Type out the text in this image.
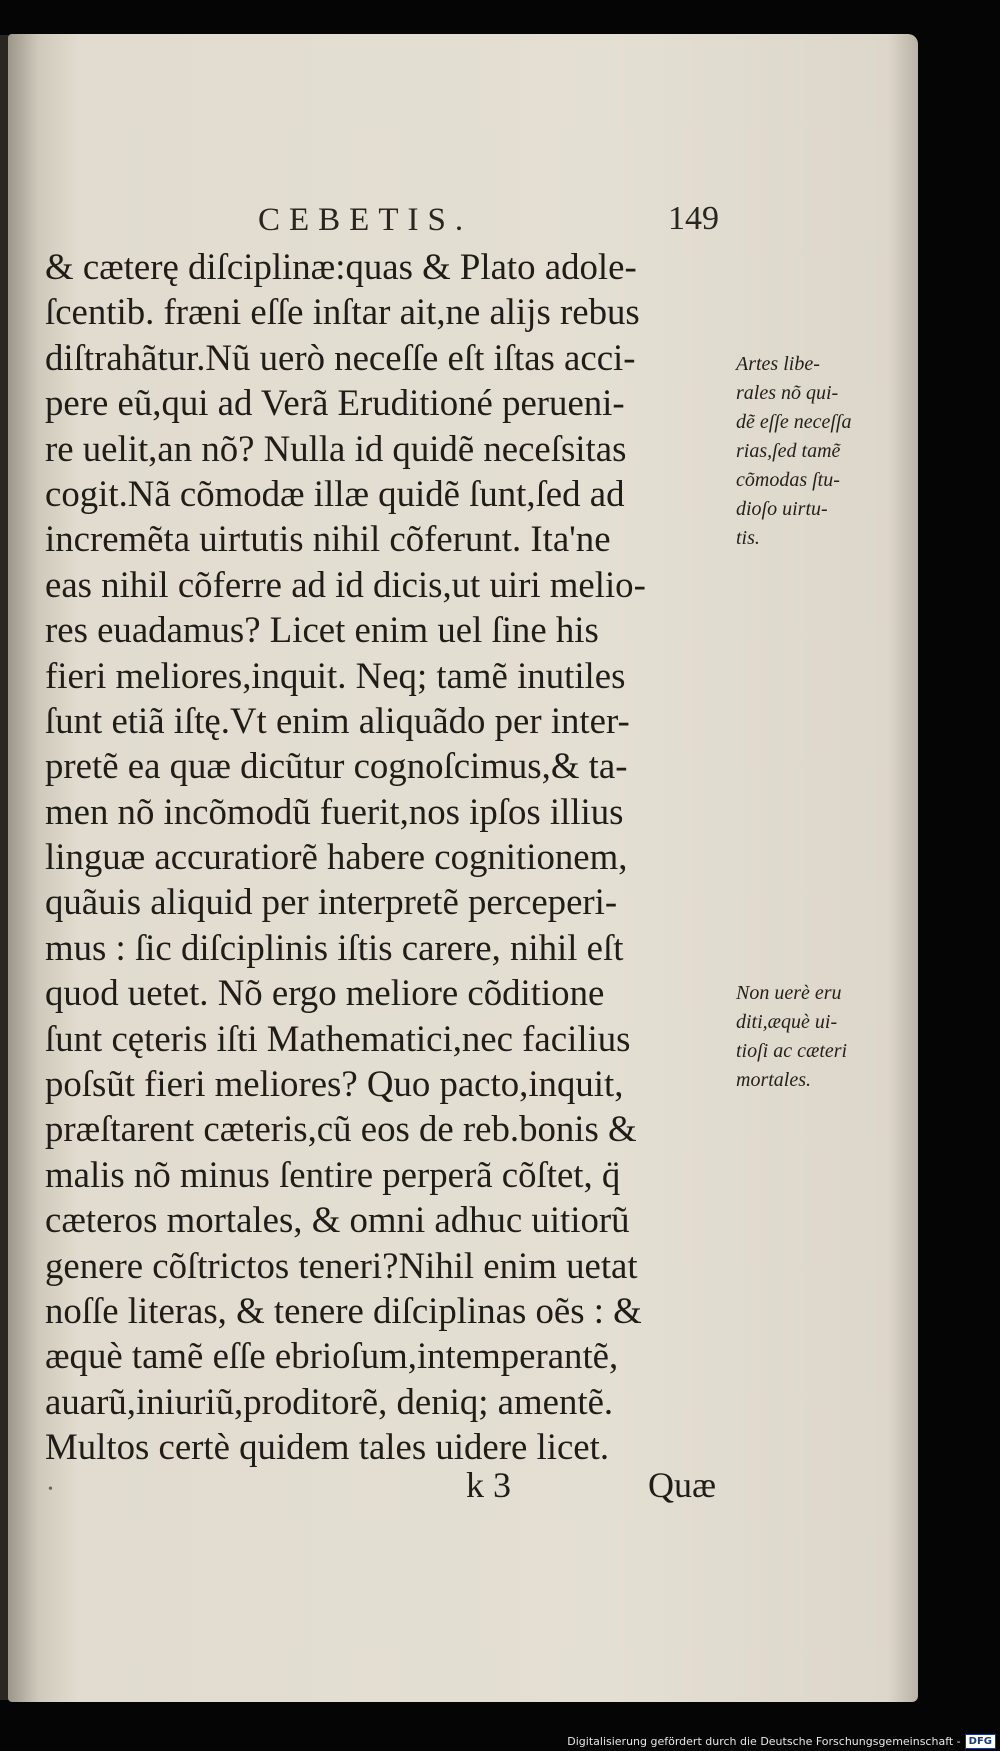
CEBETIS.	149
& cæterę diſciplinæ:quas & Plato adole-
ſcentib. fræni eſſe inſtar ait,ne alijs rebus
diſtrahãtur.Nũ uerò neceſſe eſt iſtas acci-
pere eũ,qui ad Verã Eruditioné perueni-
re uelit,an nõ? Nulla id quidẽ neceſsitas
cogit.Nã cõmodæ illæ quidẽ ſunt,ſed ad
incremẽta uirtutis nihil cõferunt. Ita'ne
eas nihil cõferre ad id dicis,ut uiri melio-
res euadamus? Licet enim uel ſine his
fieri meliores,inquit. Neq; tamẽ inutiles
ſunt etiã iſtę.Vt enim aliquãdo per inter-
pretẽ ea quæ dicũtur cognoſcimus,& ta-
men nõ incõmodũ fuerit,nos ipſos illius
linguæ accuratiorẽ habere cognitionem,
quãuis aliquid per interpretẽ perceperi-
mus : ſic diſciplinis iſtis carere, nihil eſt
quod uetet. Nõ ergo meliore cõditione
ſunt cęteris iſti Mathematici,nec facilius
poſsũt fieri meliores? Quo pacto,inquit,
præſtarent cæteris,cũ eos de reb.bonis &
malis nõ minus ſentire perperã cõſtet, q̈
cæteros mortales, & omni adhuc uitiorũ
genere cõſtrictos teneri?Nihil enim uetat
noſſe literas, & tenere diſciplinas oẽs : &
æquè tamẽ eſſe ebrioſum,intemperantẽ,
auarũ,iniuriũ,proditorẽ, deniq; amentẽ.
Multos certè quidem tales uidere licet.
Artes libe-
rales nõ qui-
dẽ eſſe neceſſa
rias,ſed tamẽ
cõmodas ſtu-
dioſo uirtu-
tis.
Non uerè eru
diti,æquè ui-
tioſi ac cæteri
mortales.
•	k 3	Quæ
Digitalisierung gefördert durch die Deutsche Forschungsgemeinschaft - DFG
